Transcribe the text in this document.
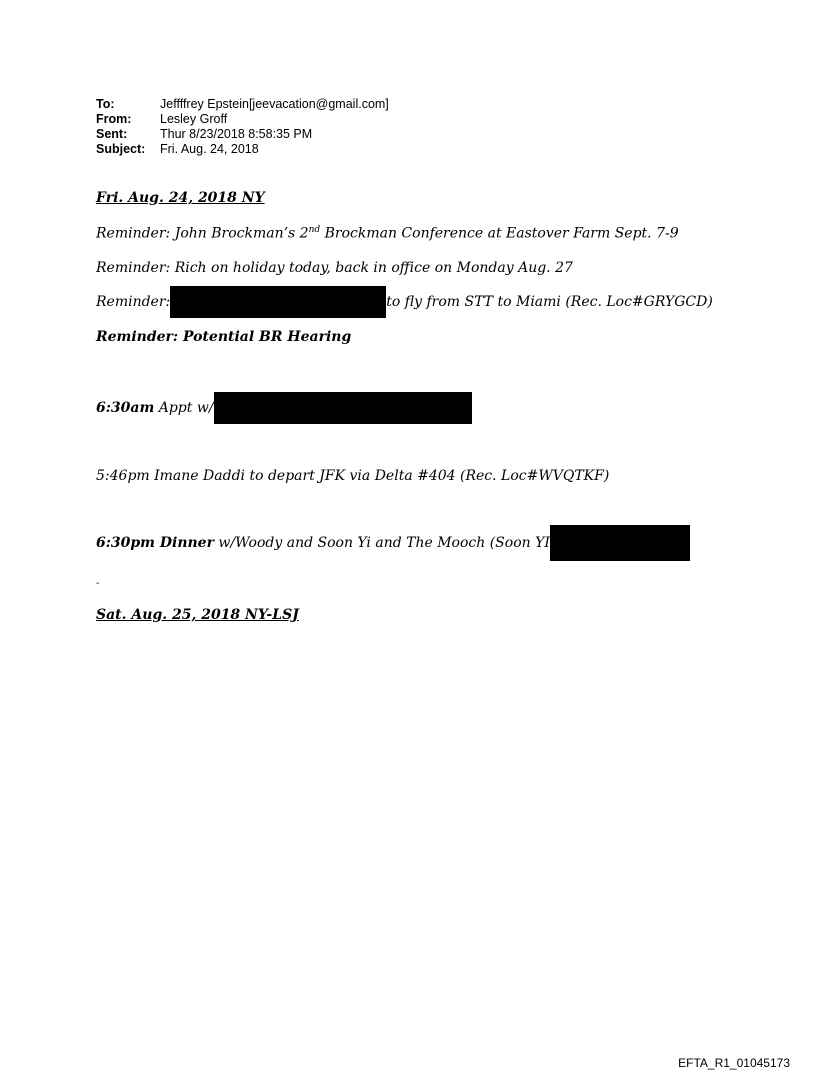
To:	Jeffffrey Epstein[jeevacation@gmail.com]
From:	Lesley Groff
Sent:	Thur 8/23/2018 8:58:35 PM
Subject:	Fri. Aug. 24, 2018
Fri. Aug. 24, 2018 NY
Reminder: John Brockman’s 2nd Brockman Conference at Eastover Farm Sept. 7-9
Reminder: Rich on holiday today, back in office on Monday Aug. 27
Reminder:	to fly from STT to Miami (Rec. Loc#GRYGCD)
Reminder: Potential BR Hearing
6:30am Appt w/
5:46pm Imane Daddi to depart JFK via Delta #404 (Rec. Loc#WVQTKF)
6:30pm Dinner w/Woody and Soon Yi and The Mooch (Soon YI
-
Sat. Aug. 25, 2018 NY-LSJ
EFTA_R1_01045173
